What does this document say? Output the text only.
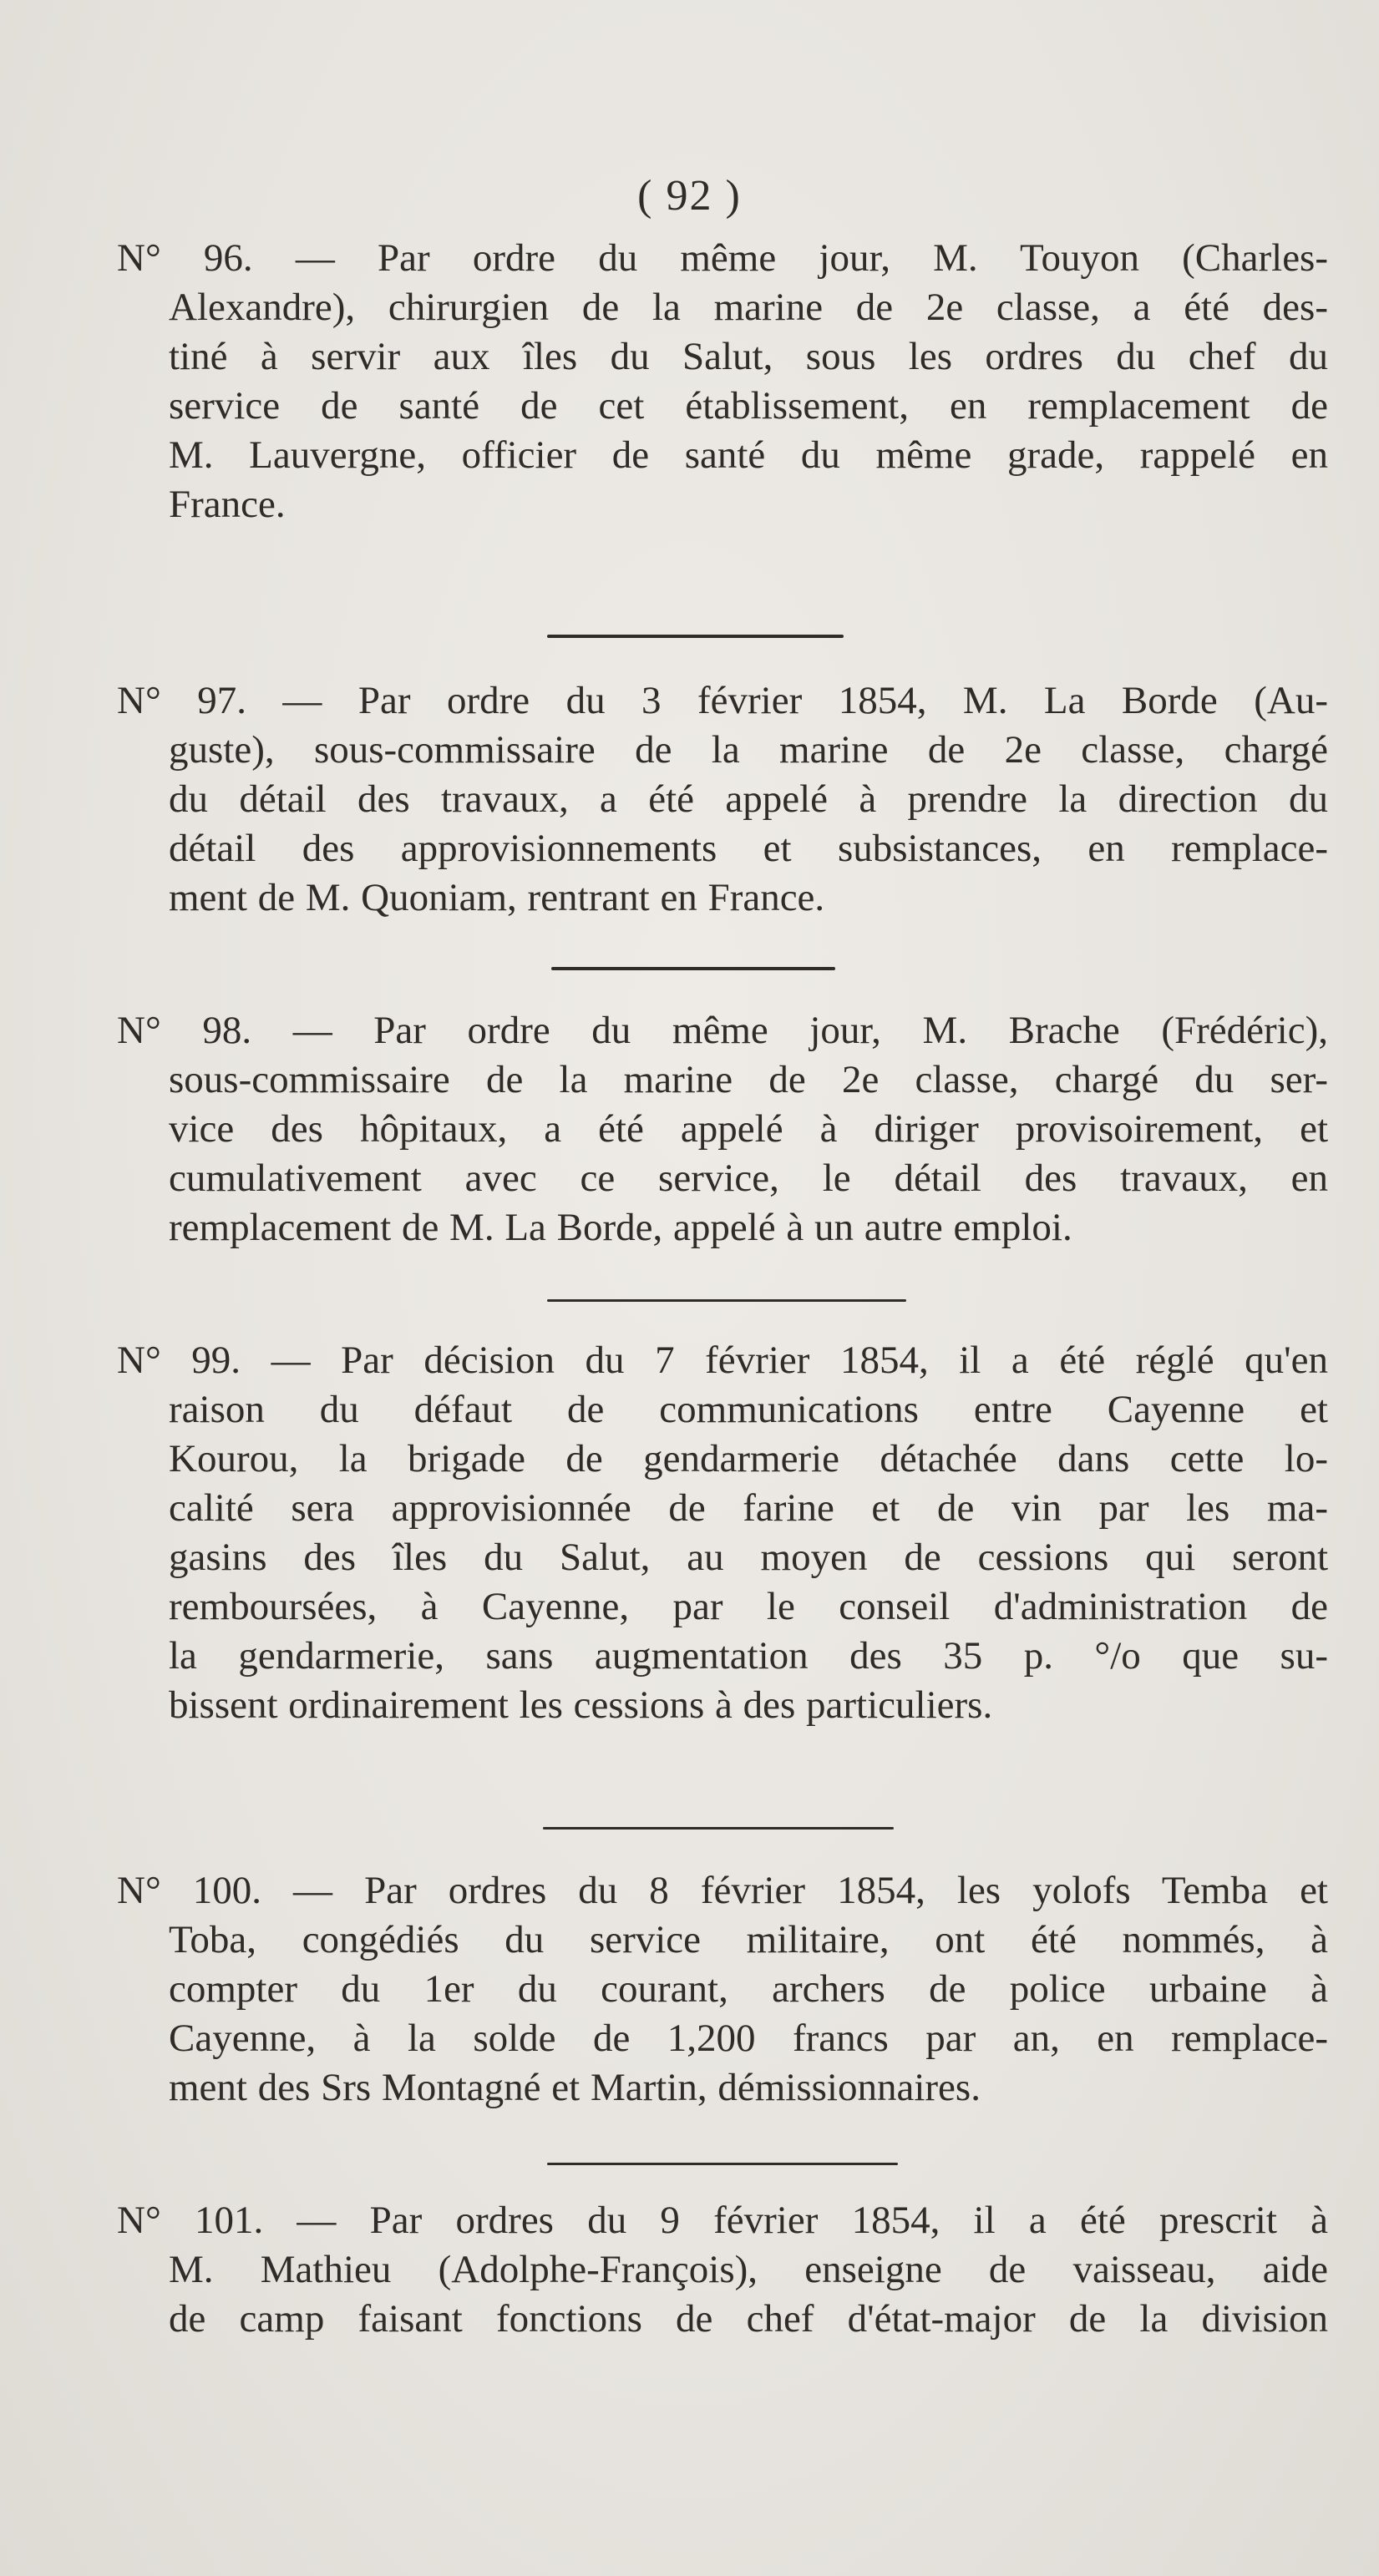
( 92 )
N° 96. — Par ordre du même jour, M. Touyon (Charles-
Alexandre), chirurgien de la marine de 2e classe, a été des-
tiné à servir aux îles du Salut, sous les ordres du chef du
service de santé de cet établissement, en remplacement de
M. Lauvergne, officier de santé du même grade, rappelé en
France.
N° 97. — Par ordre du 3 février 1854, M. La Borde (Au-
guste), sous-commissaire de la marine de 2e classe, chargé
du détail des travaux, a été appelé à prendre la direction du
détail des approvisionnements et subsistances, en remplace-
ment de M. Quoniam, rentrant en France.
N° 98. — Par ordre du même jour, M. Brache (Frédéric),
sous-commissaire de la marine de 2e classe, chargé du ser-
vice des hôpitaux, a été appelé à diriger provisoirement, et
cumulativement avec ce service, le détail des travaux, en
remplacement de M. La Borde, appelé à un autre emploi.
N° 99. — Par décision du 7 février 1854, il a été réglé qu'en
raison du défaut de communications entre Cayenne et
Kourou, la brigade de gendarmerie détachée dans cette lo-
calité sera approvisionnée de farine et de vin par les ma-
gasins des îles du Salut, au moyen de cessions qui seront
remboursées, à Cayenne, par le conseil d'administration de
la gendarmerie, sans augmentation des 35 p. °/o que su-
bissent ordinairement les cessions à des particuliers.
N° 100. — Par ordres du 8 février 1854, les yolofs Temba et
Toba, congédiés du service militaire, ont été nommés, à
compter du 1er du courant, archers de police urbaine à
Cayenne, à la solde de 1,200 francs par an, en remplace-
ment des Srs Montagné et Martin, démissionnaires.
N° 101. — Par ordres du 9 février 1854, il a été prescrit à
M. Mathieu (Adolphe-François), enseigne de vaisseau, aide
de camp faisant fonctions de chef d'état-major de la division
